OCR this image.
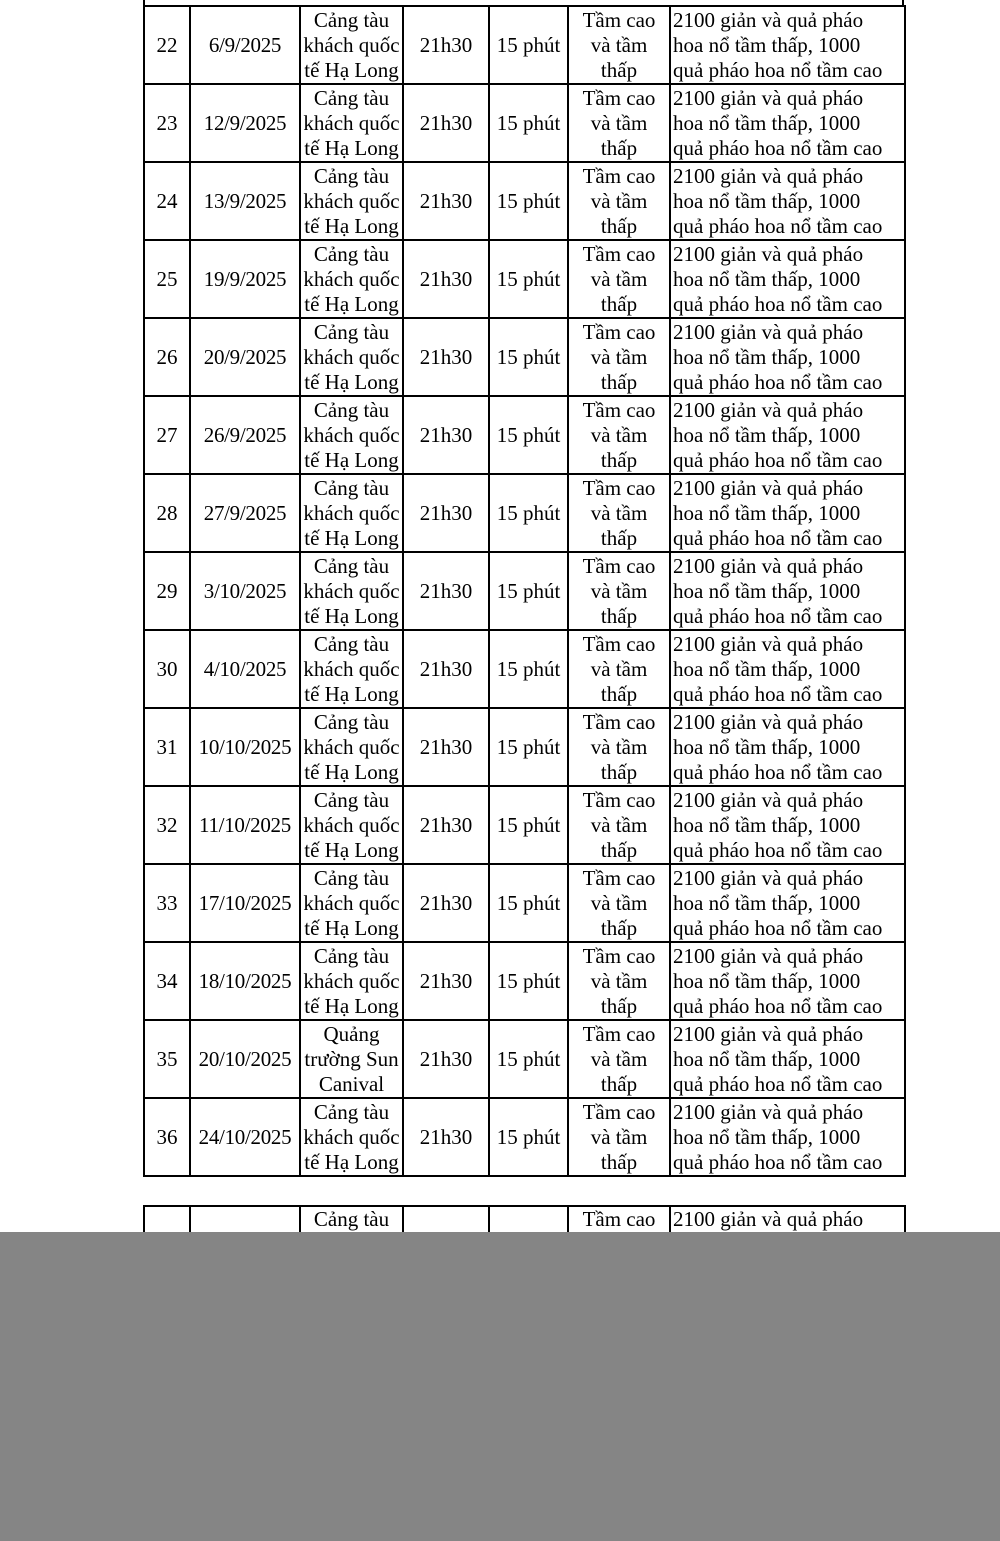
22	6/9/2025	Cảng tàu
khách quốc
tế Hạ Long	21h30	15 phút	Tầm cao
và tầm
thấp	2100 giản và quả pháo
hoa nổ tầm thấp, 1000
quả pháo hoa nổ tầm cao

23	12/9/2025	Cảng tàu
khách quốc
tế Hạ Long	21h30	15 phút	Tầm cao
và tầm
thấp	2100 giản và quả pháo
hoa nổ tầm thấp, 1000
quả pháo hoa nổ tầm cao

24	13/9/2025	Cảng tàu
khách quốc
tế Hạ Long	21h30	15 phút	Tầm cao
và tầm
thấp	2100 giản và quả pháo
hoa nổ tầm thấp, 1000
quả pháo hoa nổ tầm cao

25	19/9/2025	Cảng tàu
khách quốc
tế Hạ Long	21h30	15 phút	Tầm cao
và tầm
thấp	2100 giản và quả pháo
hoa nổ tầm thấp, 1000
quả pháo hoa nổ tầm cao

26	20/9/2025	Cảng tàu
khách quốc
tế Hạ Long	21h30	15 phút	Tầm cao
và tầm
thấp	2100 giản và quả pháo
hoa nổ tầm thấp, 1000
quả pháo hoa nổ tầm cao

27	26/9/2025	Cảng tàu
khách quốc
tế Hạ Long	21h30	15 phút	Tầm cao
và tầm
thấp	2100 giản và quả pháo
hoa nổ tầm thấp, 1000
quả pháo hoa nổ tầm cao

28	27/9/2025	Cảng tàu
khách quốc
tế Hạ Long	21h30	15 phút	Tầm cao
và tầm
thấp	2100 giản và quả pháo
hoa nổ tầm thấp, 1000
quả pháo hoa nổ tầm cao

29	3/10/2025	Cảng tàu
khách quốc
tế Hạ Long	21h30	15 phút	Tầm cao
và tầm
thấp	2100 giản và quả pháo
hoa nổ tầm thấp, 1000
quả pháo hoa nổ tầm cao

30	4/10/2025	Cảng tàu
khách quốc
tế Hạ Long	21h30	15 phút	Tầm cao
và tầm
thấp	2100 giản và quả pháo
hoa nổ tầm thấp, 1000
quả pháo hoa nổ tầm cao

31	10/10/2025	Cảng tàu
khách quốc
tế Hạ Long	21h30	15 phút	Tầm cao
và tầm
thấp	2100 giản và quả pháo
hoa nổ tầm thấp, 1000
quả pháo hoa nổ tầm cao

32	11/10/2025	Cảng tàu
khách quốc
tế Hạ Long	21h30	15 phút	Tầm cao
và tầm
thấp	2100 giản và quả pháo
hoa nổ tầm thấp, 1000
quả pháo hoa nổ tầm cao

33	17/10/2025	Cảng tàu
khách quốc
tế Hạ Long	21h30	15 phút	Tầm cao
và tầm
thấp	2100 giản và quả pháo
hoa nổ tầm thấp, 1000
quả pháo hoa nổ tầm cao

34	18/10/2025	Cảng tàu
khách quốc
tế Hạ Long	21h30	15 phút	Tầm cao
và tầm
thấp	2100 giản và quả pháo
hoa nổ tầm thấp, 1000
quả pháo hoa nổ tầm cao

35	20/10/2025	Quảng
trường Sun
Canival	21h30	15 phút	Tầm cao
và tầm
thấp	2100 giản và quả pháo
hoa nổ tầm thấp, 1000
quả pháo hoa nổ tầm cao

36	24/10/2025	Cảng tàu
khách quốc
tế Hạ Long	21h30	15 phút	Tầm cao
và tầm
thấp	2100 giản và quả pháo
hoa nổ tầm thấp, 1000
quả pháo hoa nổ tầm cao
		Cảng tàu			Tầm cao	2100 giản và quả pháo
